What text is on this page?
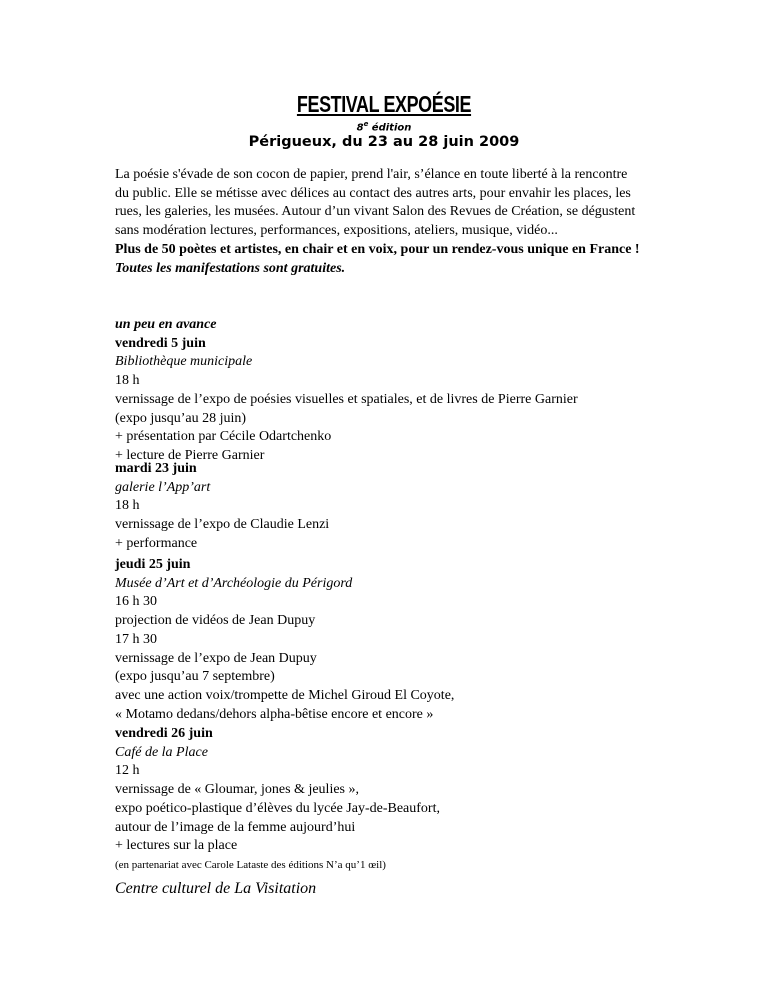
FESTIVAL EXPOÉSIE
8e édition
Périgueux, du 23 au 28 juin 2009
La poésie s'évade de son cocon de papier, prend l'air, s’élance en toute liberté à la rencontre
du public. Elle se métisse avec délices au contact des autres arts, pour envahir les places, les
rues, les galeries, les musées. Autour d’un vivant Salon des Revues de Création, se dégustent
sans modération lectures, performances, expositions, ateliers, musique, vidéo...
Plus de 50 poètes et artistes, en chair et en voix, pour un rendez-vous unique en France !
Toutes les manifestations sont gratuites.
un peu en avance
vendredi 5 juin
Bibliothèque municipale
18 h
vernissage de l’expo de poésies visuelles et spatiales, et de livres de Pierre Garnier
(expo jusqu’au 28 juin)
+ présentation par Cécile Odartchenko
+ lecture de Pierre Garnier
mardi 23 juin
galerie l’App’art
18 h
vernissage de l’expo de Claudie Lenzi
+ performance
jeudi 25 juin
Musée d’Art et d’Archéologie du Périgord
16 h 30
projection de vidéos de Jean Dupuy
17 h 30
vernissage de l’expo de Jean Dupuy
(expo jusqu’au 7 septembre)
avec une action voix/trompette de Michel Giroud El Coyote,
« Motamo dedans/dehors alpha-bêtise encore et encore »
vendredi 26 juin
Café de la Place
12 h
vernissage de « Gloumar, jones & jeulies »,
expo poético-plastique d’élèves du lycée Jay-de-Beaufort,
autour de l’image de la femme aujourd’hui
+ lectures sur la place
(en partenariat avec Carole Lataste des éditions N’a qu’1 œil)
Centre culturel de La Visitation
